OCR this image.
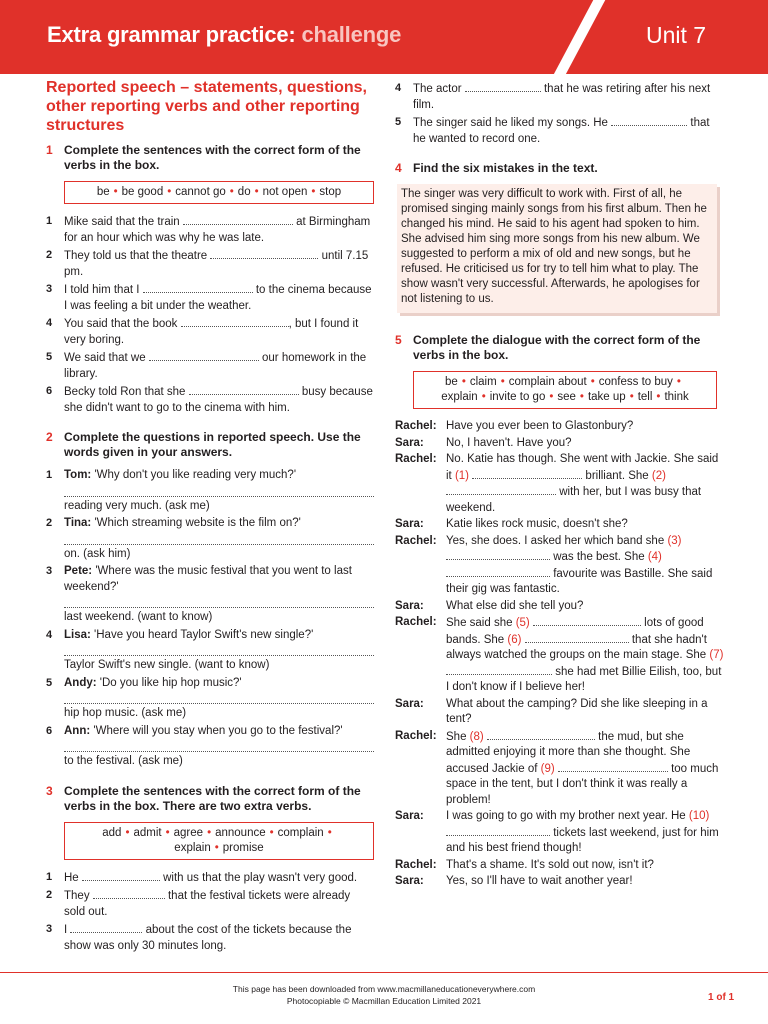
Extra grammar practice: challenge	Unit 7
Reported speech – statements, questions, other reporting verbs and other reporting structures
1 Complete the sentences with the correct form of the verbs in the box.
be • be good • cannot go • do • not open • stop
1	Mike said that the train	at Birmingham for an hour which was why he was late.
2	They told us that the theatre	until 7.15 pm.
3	I told him that I	to the cinema because I was feeling a bit under the weather.
4	You said that the book	, but I found it very boring.
5	We said that we	our homework in the library.
6	Becky told Ron that she	busy because she didn't want to go to the cinema with him.
2 Complete the questions in reported speech. Use the words given in your answers.
1	Tom: 'Why don't you like reading very much?'
reading very much. (ask me)
2	Tina: 'Which streaming website is the film on?'
on. (ask him)
3	Pete: 'Where was the music festival that you went to last weekend?'
last weekend. (want to know)
4	Lisa: 'Have you heard Taylor Swift's new single?'
Taylor Swift's new single. (want to know)
5	Andy: 'Do you like hip hop music?'
hip hop music. (ask me)
6	Ann: 'Where will you stay when you go to the festival?'
to the festival. (ask me)
3 Complete the sentences with the correct form of the verbs in the box. There are two extra verbs.
add • admit • agree • announce • complain •
explain • promise
1	He	with us that the play wasn't very good.
2	They	that the festival tickets were already sold out.
3	I	about the cost of the tickets because the show was only 30 minutes long.
4	The actor	that he was retiring after his next film.
5	The singer said he liked my songs. He	that he wanted to record one.
4 Find the six mistakes in the text.
The singer was very difficult to work with. First of all, he promised singing mainly songs from his first album. Then he changed his mind. He said to his agent had spoken to him. She advised him sing more songs from his new album. We suggested to perform a mix of old and new songs, but he refused. He criticised us for try to tell him what to play. The show wasn't very successful. Afterwards, he apologises for not listening to us.
5 Complete the dialogue with the correct form of the verbs in the box.
be • claim • complain about • confess to buy •
explain • invite to go • see • take up • tell • think
Rachel: Have you ever been to Glastonbury?
Sara:	No, I haven't. Have you?
Rachel: No. Katie has though. She went with Jackie. She said it (1)	brilliant. She (2)  with her, but I was busy that weekend.
Sara:	Katie likes rock music, doesn't she?
Rachel: Yes, she does. I asked her which band she (3)  was the best. She (4)  favourite was Bastille. She said their gig was fantastic.
Sara:	What else did she tell you?
Rachel: She said she (5)	lots of good bands. She (6)	that she hadn't always watched the groups on the main stage. She (7)  she had met Billie Eilish, too, but I don't know if I believe her!
Sara:	What about the camping? Did she like sleeping in a tent?
Rachel: She (8)	the mud, but she admitted enjoying it more than she thought. She accused Jackie of (9)	too much space in the tent, but I don't think it was really a problem!
Sara:	I was going to go with my brother next year. He (10)  tickets last weekend, just for him and his best friend though!
Rachel: That's a shame. It's sold out now, isn't it?
Sara:	Yes, so I'll have to wait another year!
This page has been downloaded from www.macmillaneducationeverywhere.com
Photocopiable © Macmillan Education Limited 2021	1 of 1
